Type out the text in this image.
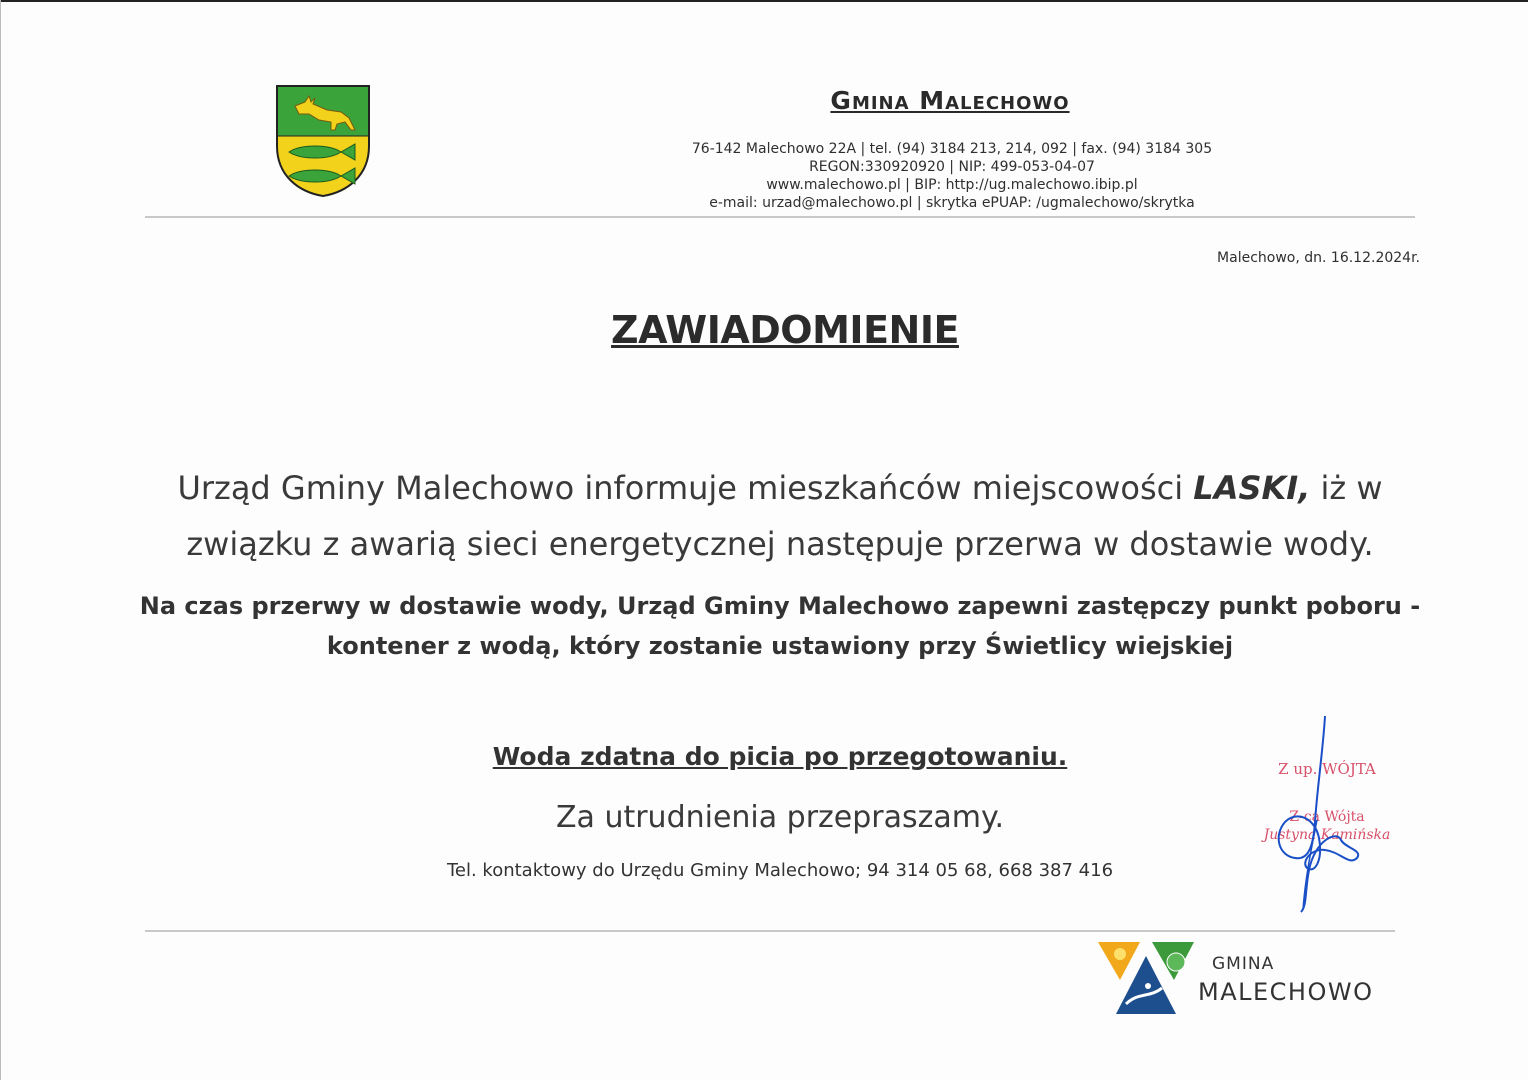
Gmina Malechowo
76-142 Malechowo 22A | tel. (94) 3184 213, 214, 092 | fax. (94) 3184 305
REGON:330920920 | NIP: 499-053-04-07
www.malechowo.pl | BIP: http://ug.malechowo.ibip.pl
e-mail: urzad@malechowo.pl | skrytka ePUAP: /ugmalechowo/skrytka
Malechowo, dn. 16.12.2024r.
ZAWIADOMIENIE
Urząd Gminy Malechowo informuje mieszkańców miejscowości LASKI, iż w związku z awarią sieci energetycznej następuje przerwa w dostawie wody.
Na czas przerwy w dostawie wody, Urząd Gminy Malechowo zapewni zastępczy punkt poboru - kontener z wodą, który zostanie ustawiony przy Świetlicy wiejskiej
Woda zdatna do picia po przegotowaniu.
Za utrudnienia przepraszamy.
Tel. kontaktowy do Urzędu Gminy Malechowo; 94 314 05 68, 668 387 416
Z up. WÓJTA
Z-ca Wójta
Justyna Kamińska
GMINA
MALECHOWO
